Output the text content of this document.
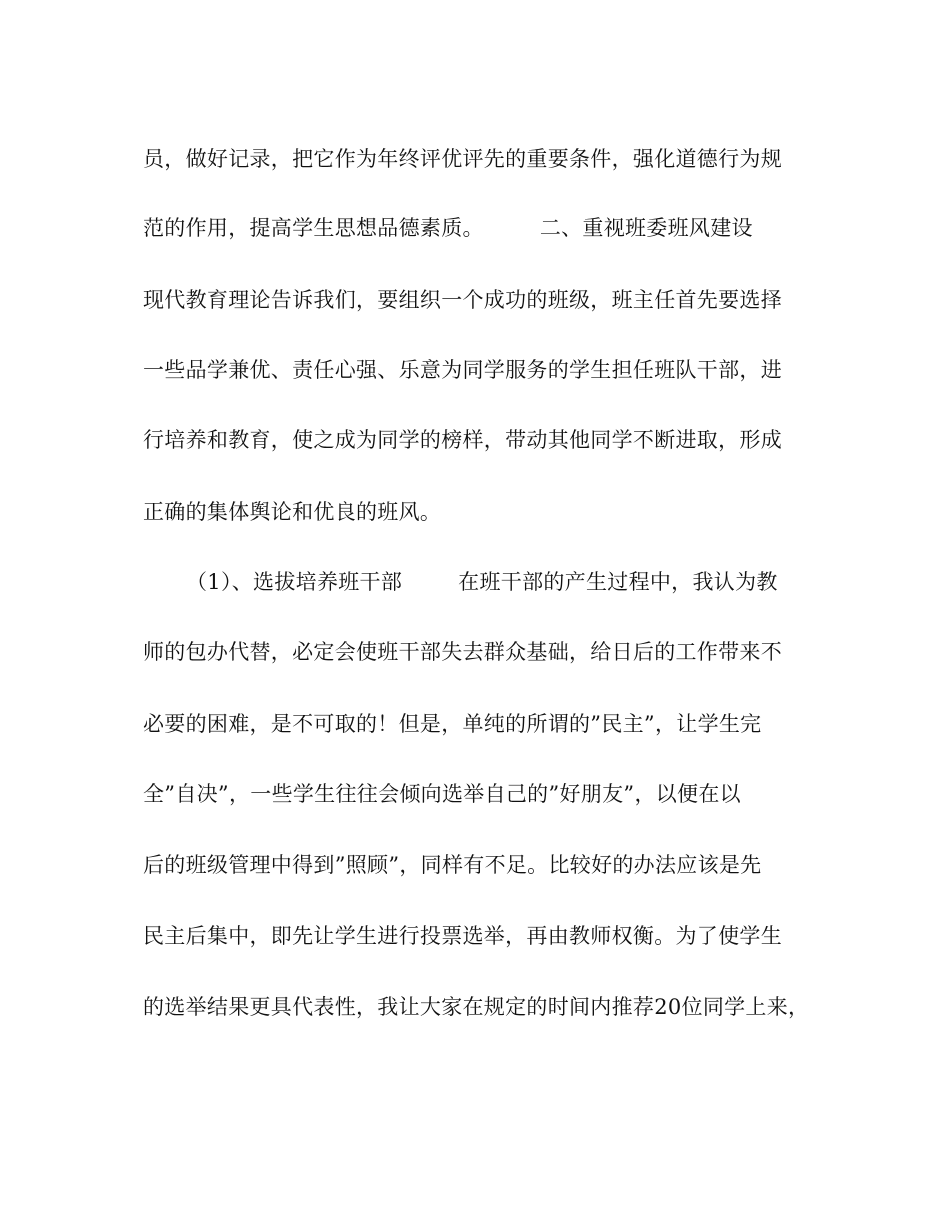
员，做好记录，把它作为年终评优评先的重要条件，强化道德行为规
范的作用，提高学生思想品德素质。	二、重视班委班风建设
现代教育理论告诉我们，要组织一个成功的班级，班主任首先要选择
一些品学兼优、责任心强、乐意为同学服务的学生担任班队干部，进
行培养和教育，使之成为同学的榜样，带动其他同学不断进取，形成
正确的集体舆论和优良的班风。
（1）、选拔培养班干部	在班干部的产生过程中，我认为教
师的包办代替，必定会使班干部失去群众基础，给日后的工作带来不
必要的困难，是不可取的！但是，单纯的所谓的”民主”，让学生完
全”自决”，一些学生往往会倾向选举自己的”好朋友”，以便在以
后的班级管理中得到”照顾”，同样有不足。比较好的办法应该是先
民主后集中，即先让学生进行投票选举，再由教师权衡。为了使学生
的选举结果更具代表性，我让大家在规定的时间内推荐20位同学上来，
